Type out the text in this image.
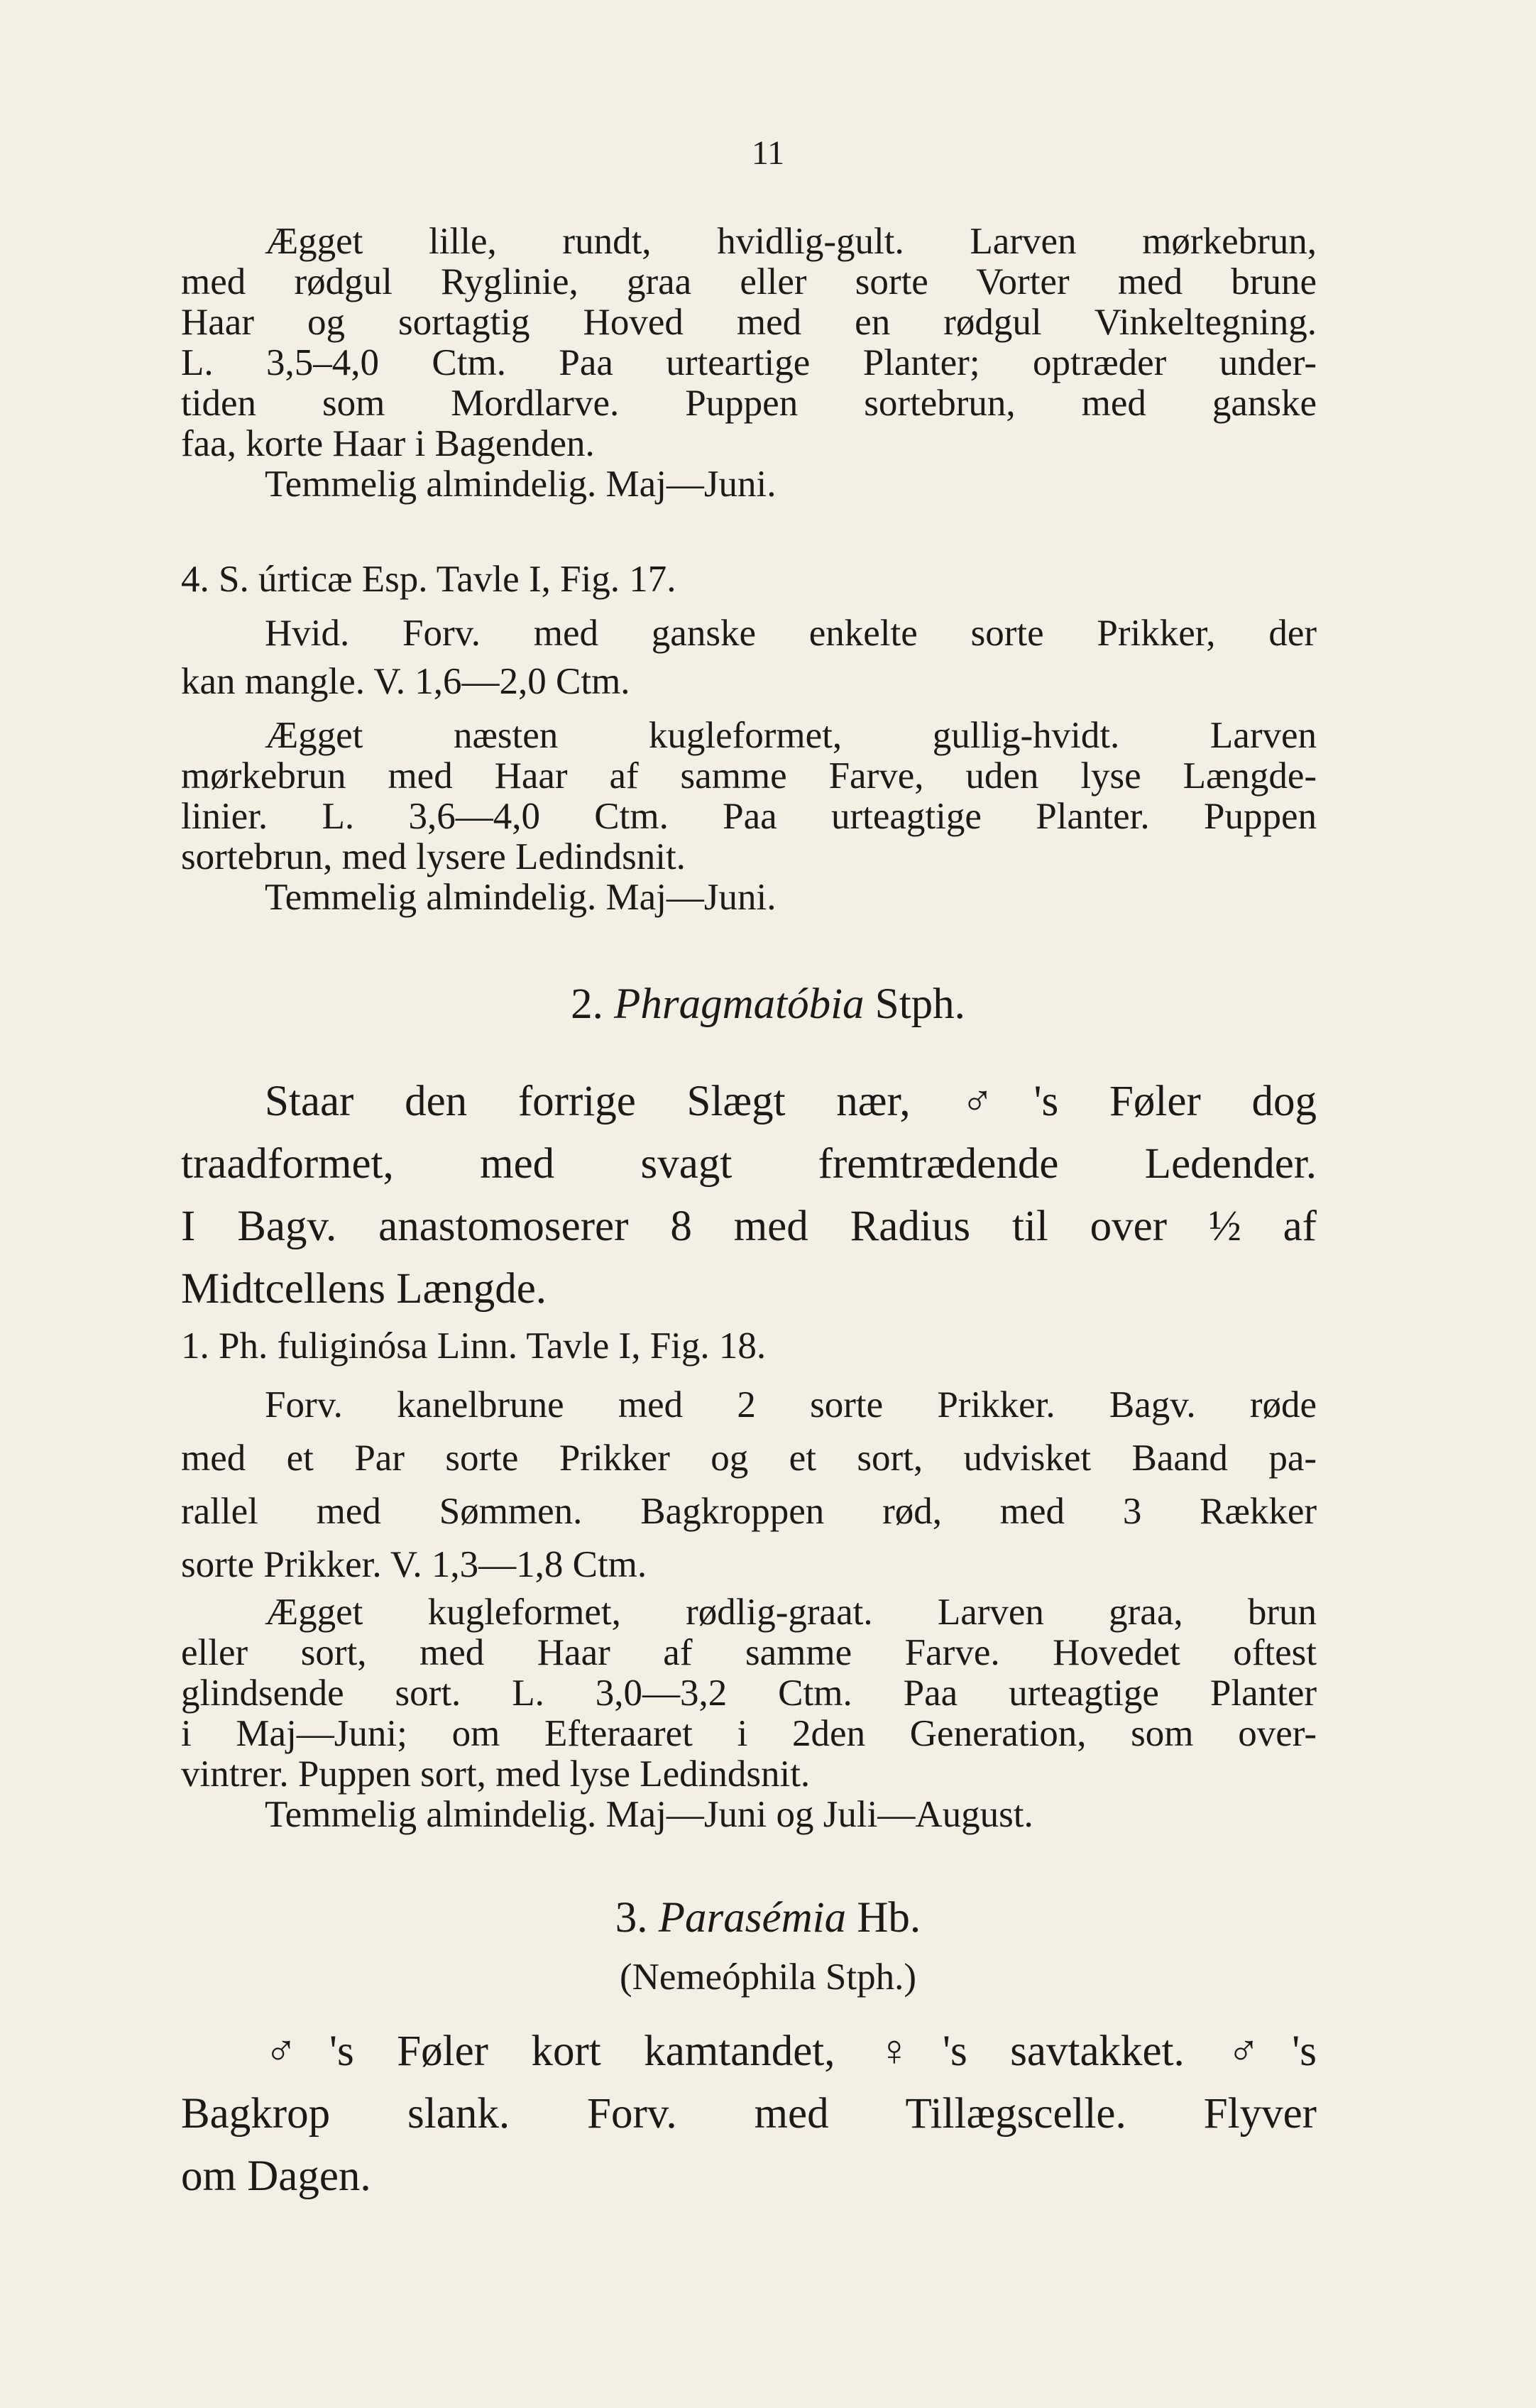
11
Ægget lille, rundt, hvidlig-gult. Larven mørkebrun,
med rødgul Ryglinie, graa eller sorte Vorter med brune
Haar og sortagtig Hoved med en rødgul Vinkeltegning.
L. 3,5–4,0 Ctm. Paa urteartige Planter; optræder under-
tiden som Mordlarve. Puppen sortebrun, med ganske
faa, korte Haar i Bagenden.
Temmelig almindelig. Maj—Juni.
4. S. úrticæ Esp. Tavle I, Fig. 17.
Hvid. Forv. med ganske enkelte sorte Prikker, der
kan mangle. V. 1,6—2,0 Ctm.
Ægget næsten kugleformet, gullig-hvidt. Larven
mørkebrun med Haar af samme Farve, uden lyse Længde-
linier. L. 3,6—4,0 Ctm. Paa urteagtige Planter. Puppen
sortebrun, med lysere Ledindsnit.
Temmelig almindelig. Maj—Juni.
2. Phragmatóbia Stph.
Staar den forrige Slægt nær, ♂'s Føler dog
traadformet, med svagt fremtrædende Ledender.
I Bagv. anastomoserer 8 med Radius til over ½ af
Midtcellens Længde.
1. Ph. fuliginósa Linn. Tavle I, Fig. 18.
Forv. kanelbrune med 2 sorte Prikker. Bagv. røde
med et Par sorte Prikker og et sort, udvisket Baand pa-
rallel med Sømmen. Bagkroppen rød, med 3 Rækker
sorte Prikker. V. 1,3—1,8 Ctm.
Ægget kugleformet, rødlig-graat. Larven graa, brun
eller sort, med Haar af samme Farve. Hovedet oftest
glindsende sort. L. 3,0—3,2 Ctm. Paa urteagtige Planter
i Maj—Juni; om Efteraaret i 2den Generation, som over-
vintrer. Puppen sort, med lyse Ledindsnit.
Temmelig almindelig. Maj—Juni og Juli—August.
3. Parasémia Hb.
(Nemeóphila Stph.)
♂'s Føler kort kamtandet, ♀'s savtakket. ♂'s
Bagkrop slank. Forv. med Tillægscelle. Flyver
om Dagen.
